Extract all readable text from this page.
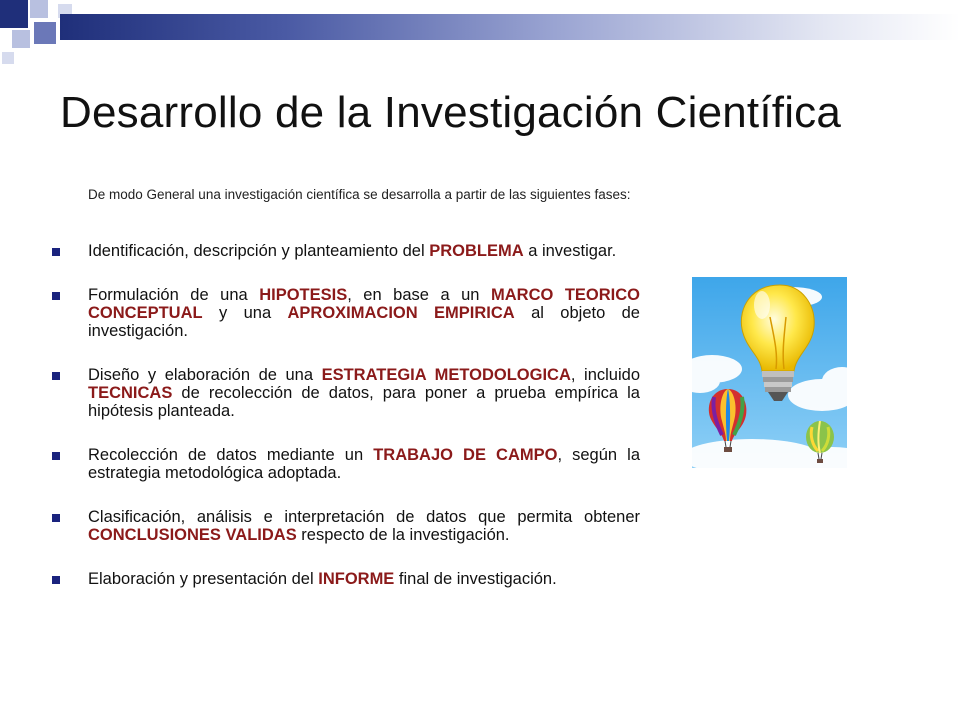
Desarrollo de la Investigación Científica

De modo General una investigación científica se desarrolla a partir de las siguientes fases:

Identificación, descripción y planteamiento del PROBLEMA a investigar.
Formulación de una HIPOTESIS, en base a un MARCO TEORICO CONCEPTUAL y una APROXIMACION EMPIRICA al objeto de investigación.
Diseño y elaboración de una ESTRATEGIA METODOLOGICA, incluido TECNICAS de recolección de datos, para poner a prueba empírica la hipótesis planteada.
Recolección de datos mediante un TRABAJO DE CAMPO, según la estrategia metodológica adoptada.
Clasificación, análisis e interpretación de datos que permita obtener CONCLUSIONES VALIDAS respecto de la investigación.
Elaboración y presentación del INFORME final de investigación.
